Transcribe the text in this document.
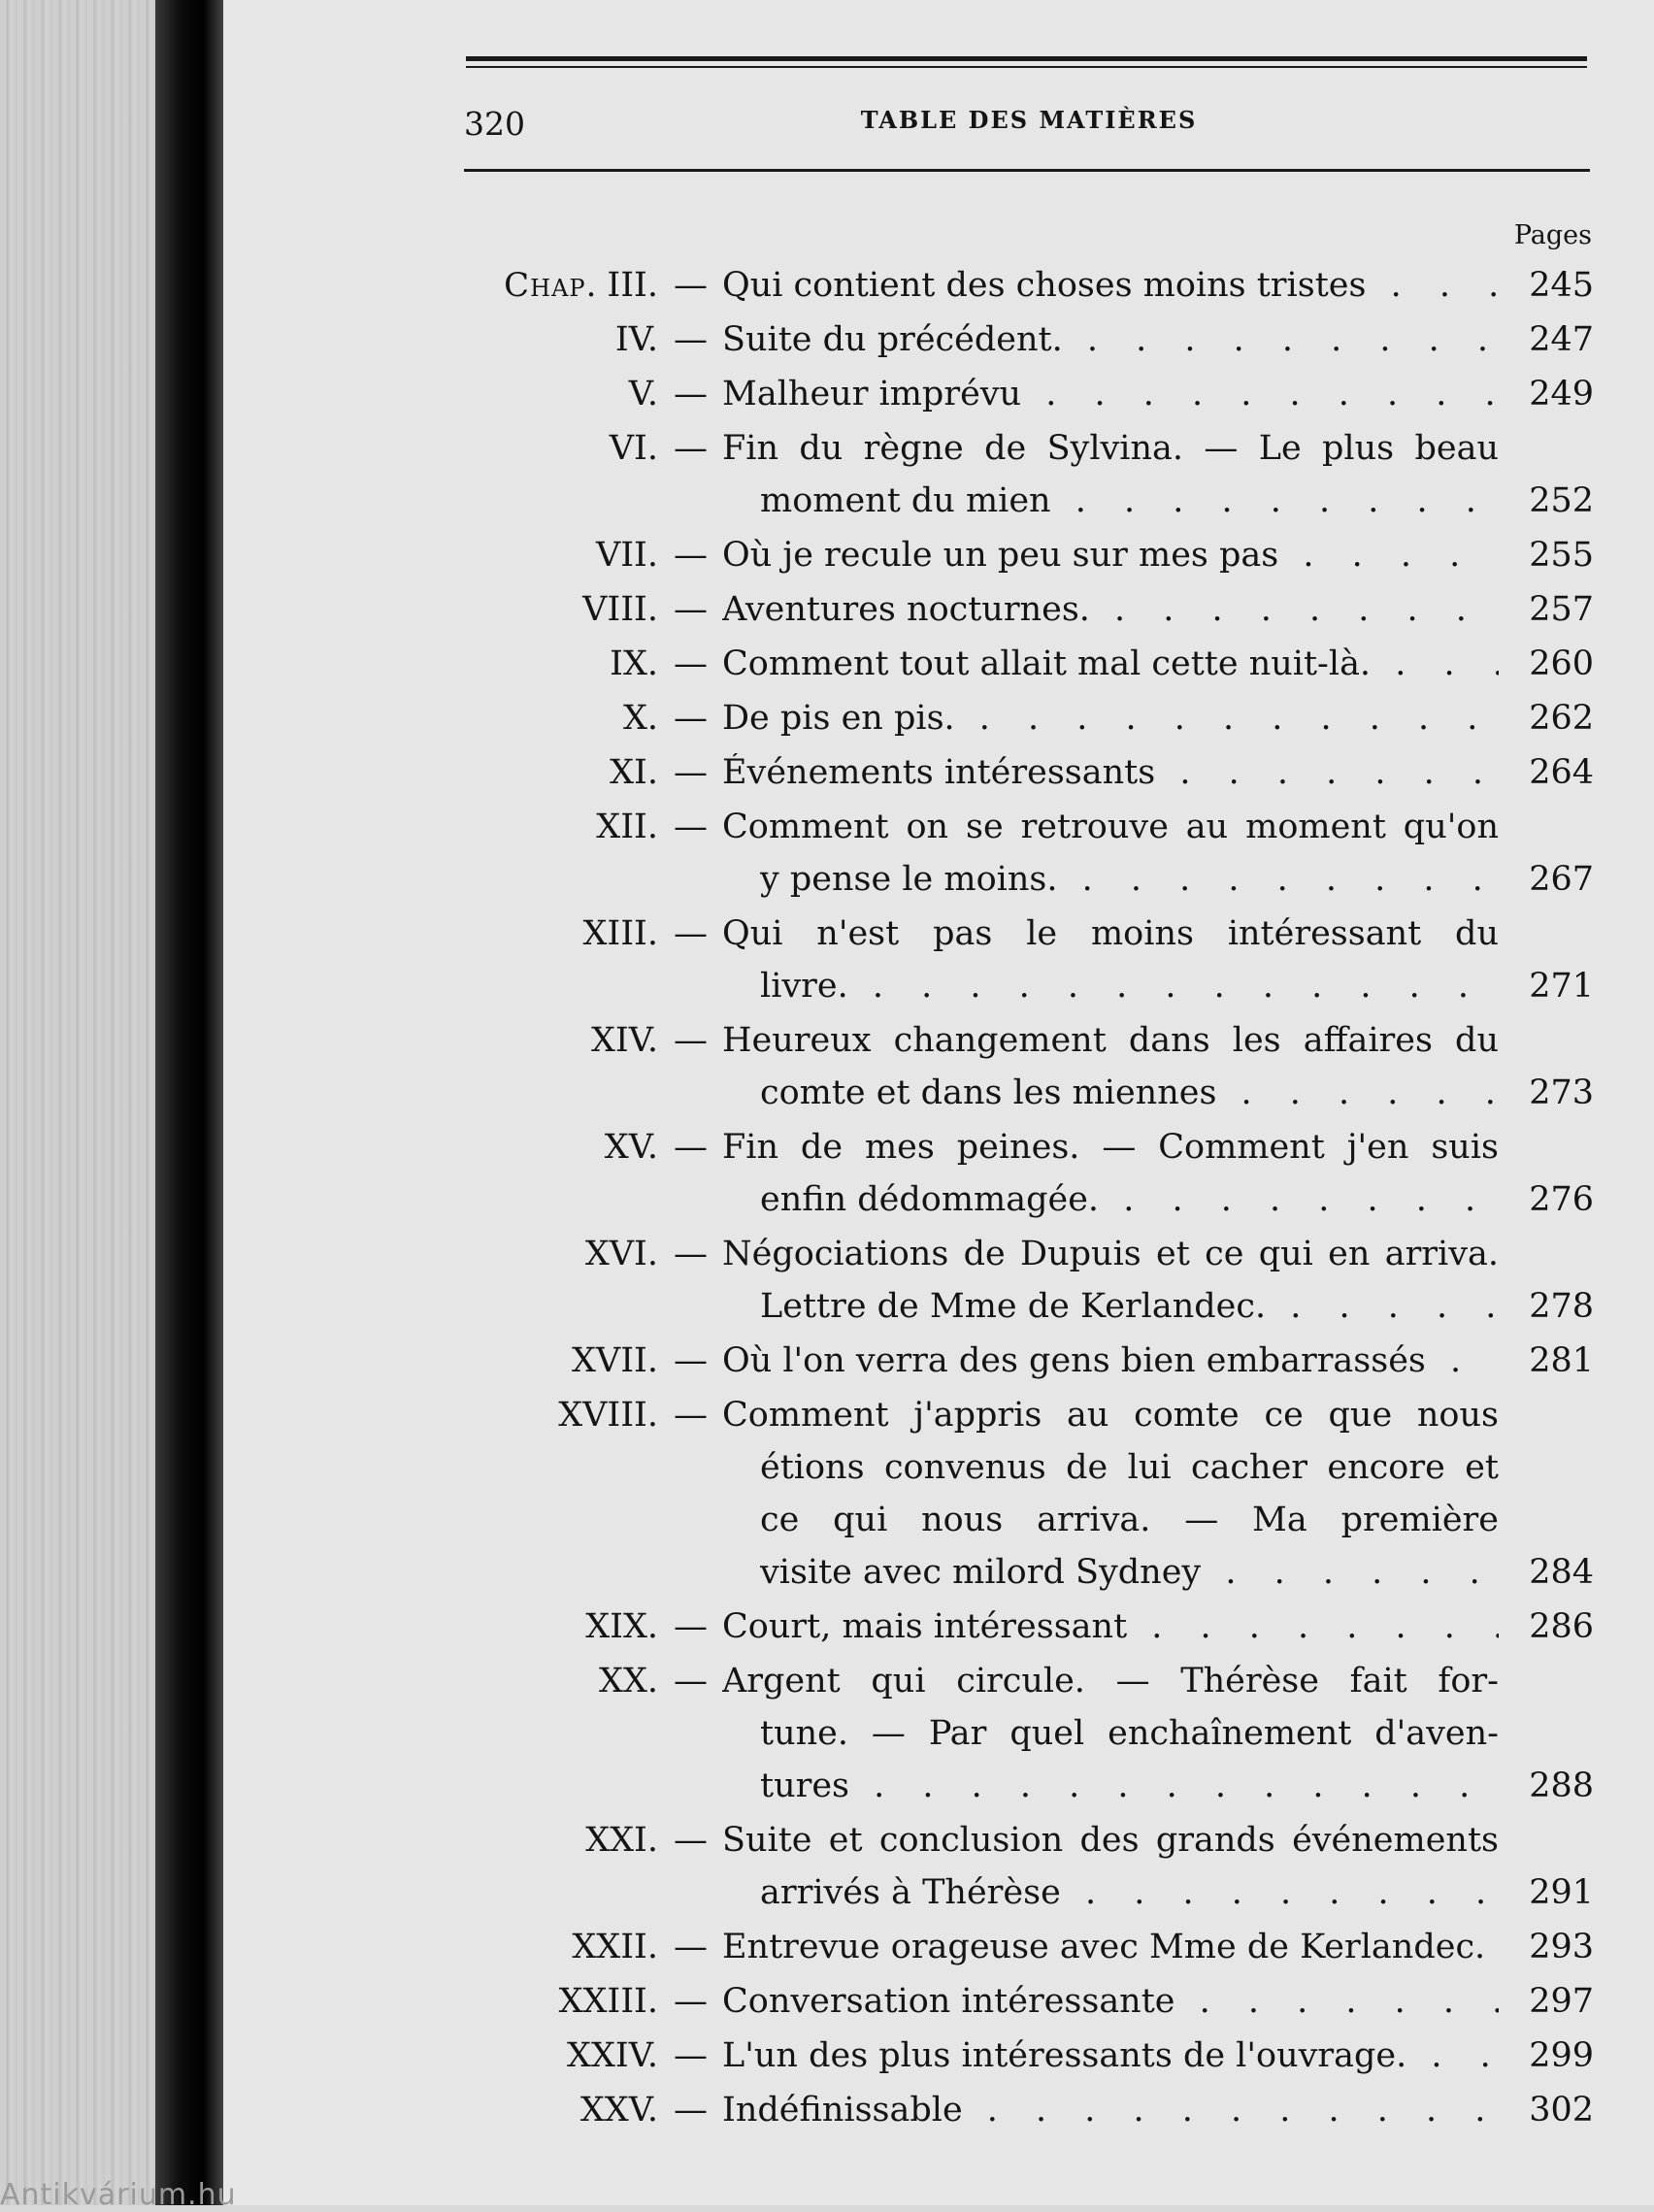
320	TABLE DES MATIÈRES
Pages
Chap. III. — Qui contient des choses moins tristes . . .	245
IV. — Suite du précédent. . . .	247
V. — Malheur imprévu . . .	249
VI. — Fin du règne de Sylvina. — Le plus beau
moment du mien . . .	252
VII. — Où je recule un peu sur mes pas . . .	255
VIII. — Aventures nocturnes. . . .	257
IX. — Comment tout allait mal cette nuit-là. . . .	260
X. — De pis en pis. . . .	262
XI. — Événements intéressants . . .	264
XII. — Comment on se retrouve au moment qu'on
y pense le moins. . . .	267
XIII. — Qui n'est pas le moins intéressant du
livre. . . .	271
XIV. — Heureux changement dans les affaires du
comte et dans les miennes . . .	273
XV. — Fin de mes peines. — Comment j'en suis
enfin dédommagée. . . .	276
XVI. — Négociations de Dupuis et ce qui en arriva.
Lettre de Mme de Kerlandec. . . .	278
XVII. — Où l'on verra des gens bien embarrassés . . .	281
XVIII. — Comment j'appris au comte ce que nous
étions convenus de lui cacher encore et
ce qui nous arriva. — Ma première
visite avec milord Sydney . . .	284
XIX. — Court, mais intéressant . . .	286
XX. — Argent qui circule. — Thérèse fait for-
tune. — Par quel enchaînement d'aven-
tures . . .	288
XXI. — Suite et conclusion des grands événements
arrivés à Thérèse . . .	291
XXII. — Entrevue orageuse avec Mme de Kerlandec. . . .	293
XXIII. — Conversation intéressante . . .	297
XXIV. — L'un des plus intéressants de l'ouvrage. . . .	299
XXV. — Indéfinissable . . .	302
Antikvárium.hu
